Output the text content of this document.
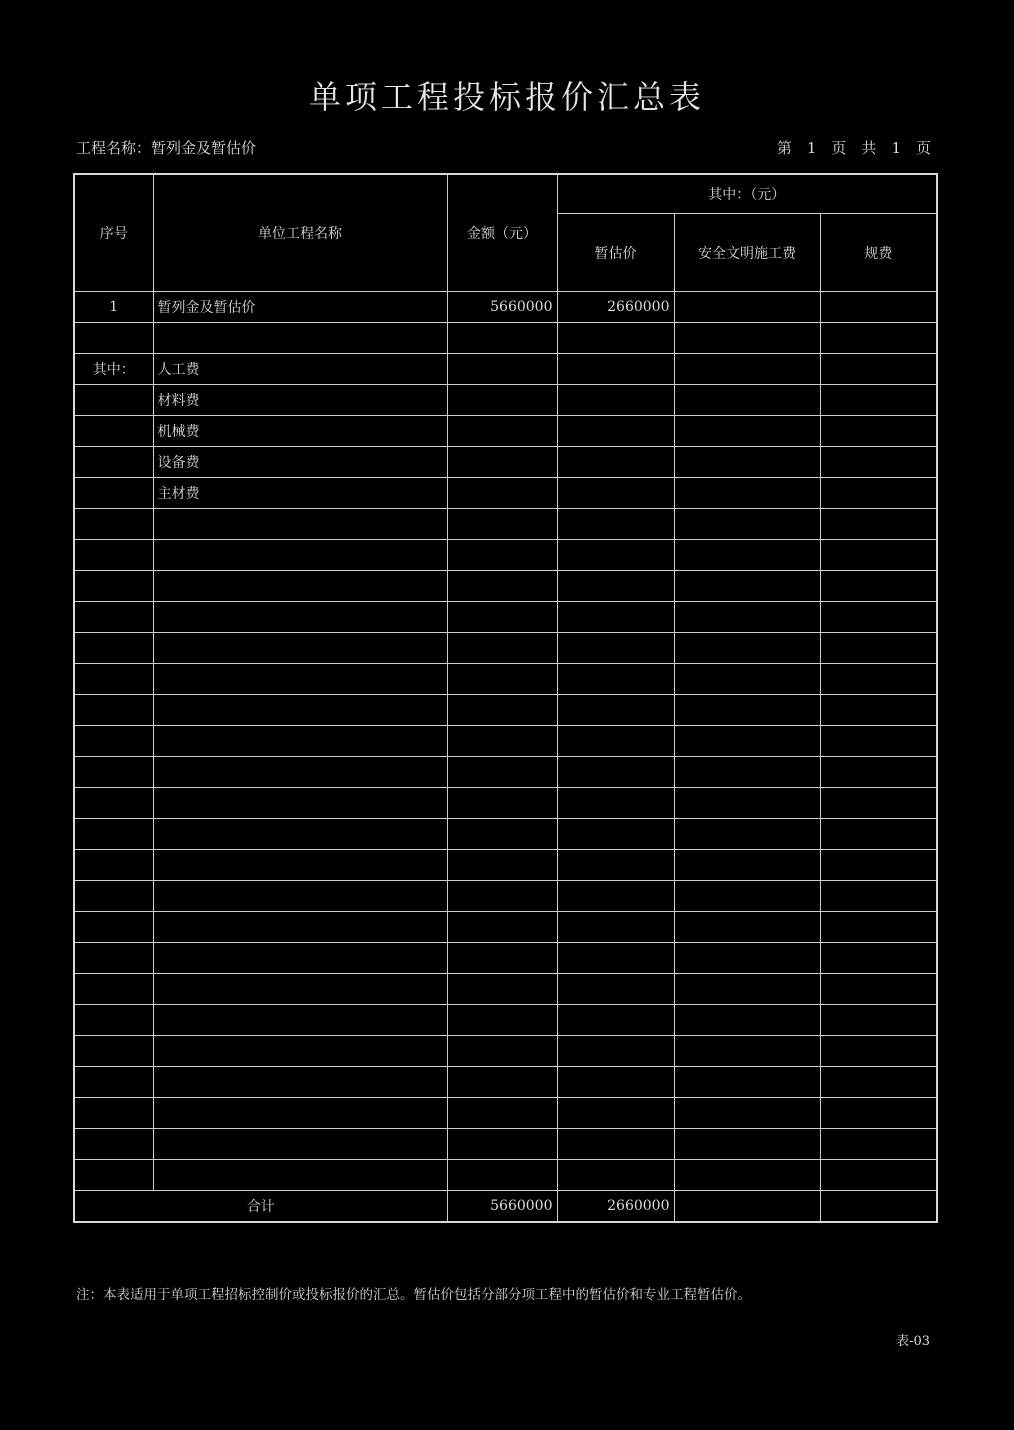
单项工程投标报价汇总表
工程名称：暂列金及暂估价	第 1 页 共 1 页
序号	单位工程名称	金额（元）	其中：（元）		
			暂估价	安全文明施工费	规费
1	暂列金及暂估价	5660000	2660000		

其中：	人工费				
	材料费				
	机械费				
	设备费				
	主材费				

合计		5660000	2660000		
注：本表适用于单项工程招标控制价或投标报价的汇总。暂估价包括分部分项工程中的暂估价和专业工程暂估价。
表-03
